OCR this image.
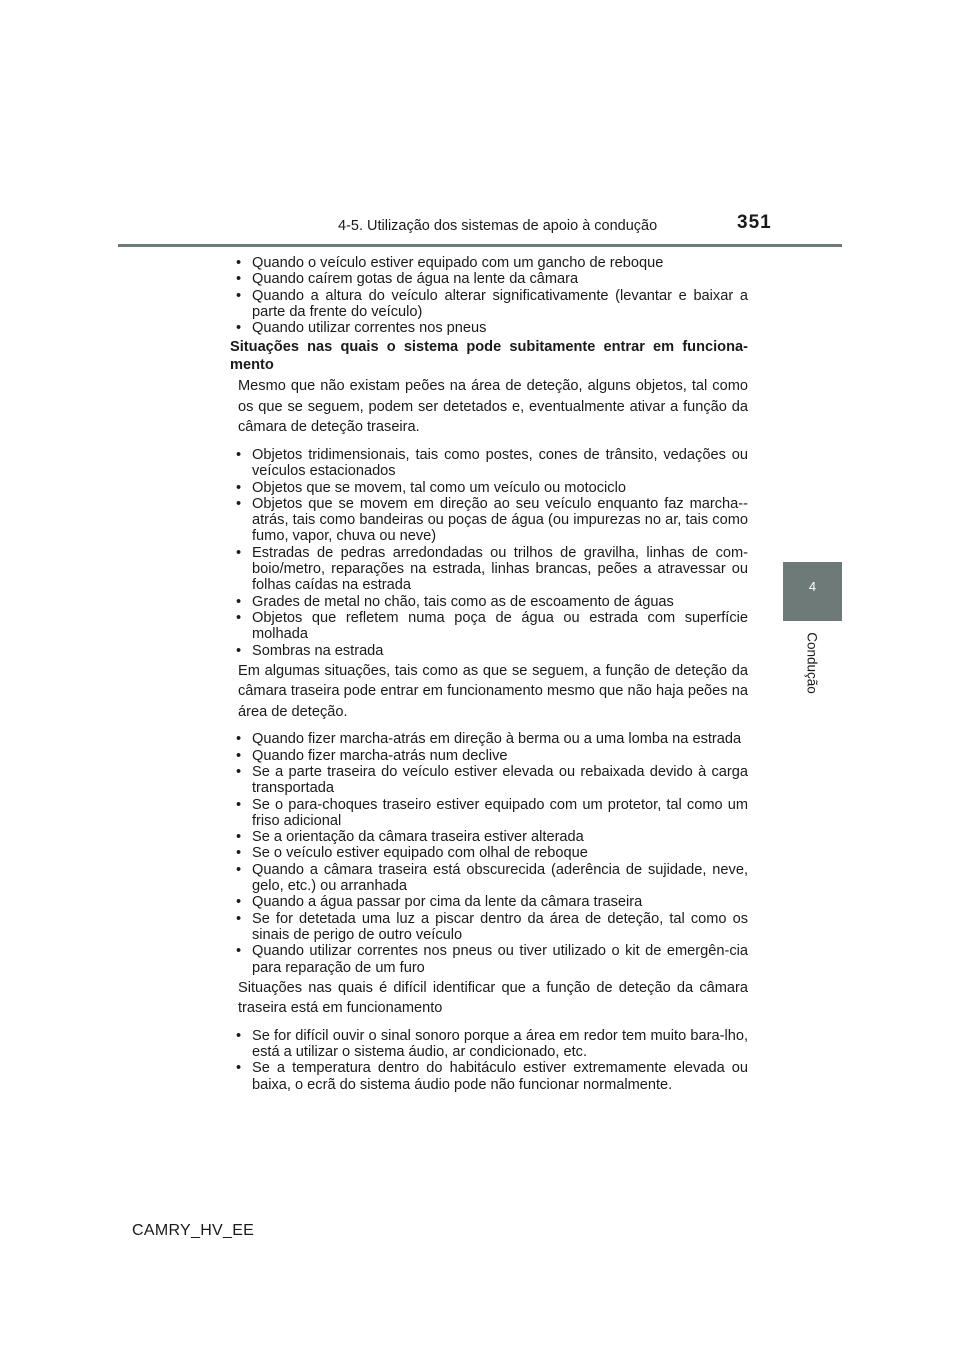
4-5. Utilização dos sistemas de apoio à condução	351
4
Condução
• Quando o veículo estiver equipado com um gancho de reboque
• Quando caírem gotas de água na lente da câmara
• Quando a altura do veículo alterar significativamente (levantar e baixar a parte da frente do veículo)
• Quando utilizar correntes nos pneus
Situações nas quais o sistema pode subitamente entrar em funciona-mento
Mesmo que não existam peões na área de deteção, alguns objetos, tal como os que se seguem, podem ser detetados e, eventualmente ativar a função da câmara de deteção traseira.
• Objetos tridimensionais, tais como postes, cones de trânsito, vedações ou veículos estacionados
• Objetos que se movem, tal como um veículo ou motociclo
• Objetos que se movem em direção ao seu veículo enquanto faz marcha--atrás, tais como bandeiras ou poças de água (ou impurezas no ar, tais como fumo, vapor, chuva ou neve)
• Estradas de pedras arredondadas ou trilhos de gravilha, linhas de com-boio/metro, reparações na estrada, linhas brancas, peões a atravessar ou folhas caídas na estrada
• Grades de metal no chão, tais como as de escoamento de águas
• Objetos que refletem numa poça de água ou estrada com superfície molhada
• Sombras na estrada
Em algumas situações, tais como as que se seguem, a função de deteção da câmara traseira pode entrar em funcionamento mesmo que não haja peões na área de deteção.
• Quando fizer marcha-atrás em direção à berma ou a uma lomba na estrada
• Quando fizer marcha-atrás num declive
• Se a parte traseira do veículo estiver elevada ou rebaixada devido à carga transportada
• Se o para-choques traseiro estiver equipado com um protetor, tal como um friso adicional
• Se a orientação da câmara traseira estiver alterada
• Se o veículo estiver equipado com olhal de reboque
• Quando a câmara traseira está obscurecida (aderência de sujidade, neve, gelo, etc.) ou arranhada
• Quando a água passar por cima da lente da câmara traseira
• Se for detetada uma luz a piscar dentro da área de deteção, tal como os sinais de perigo de outro veículo
• Quando utilizar correntes nos pneus ou tiver utilizado o kit de emergên-cia para reparação de um furo
Situações nas quais é difícil identificar que a função de deteção da câmara traseira está em funcionamento
• Se for difícil ouvir o sinal sonoro porque a área em redor tem muito bara-lho, está a utilizar o sistema áudio, ar condicionado, etc.
• Se a temperatura dentro do habitáculo estiver extremamente elevada ou baixa, o ecrã do sistema áudio pode não funcionar normalmente.
CAMRY_HV_EE
